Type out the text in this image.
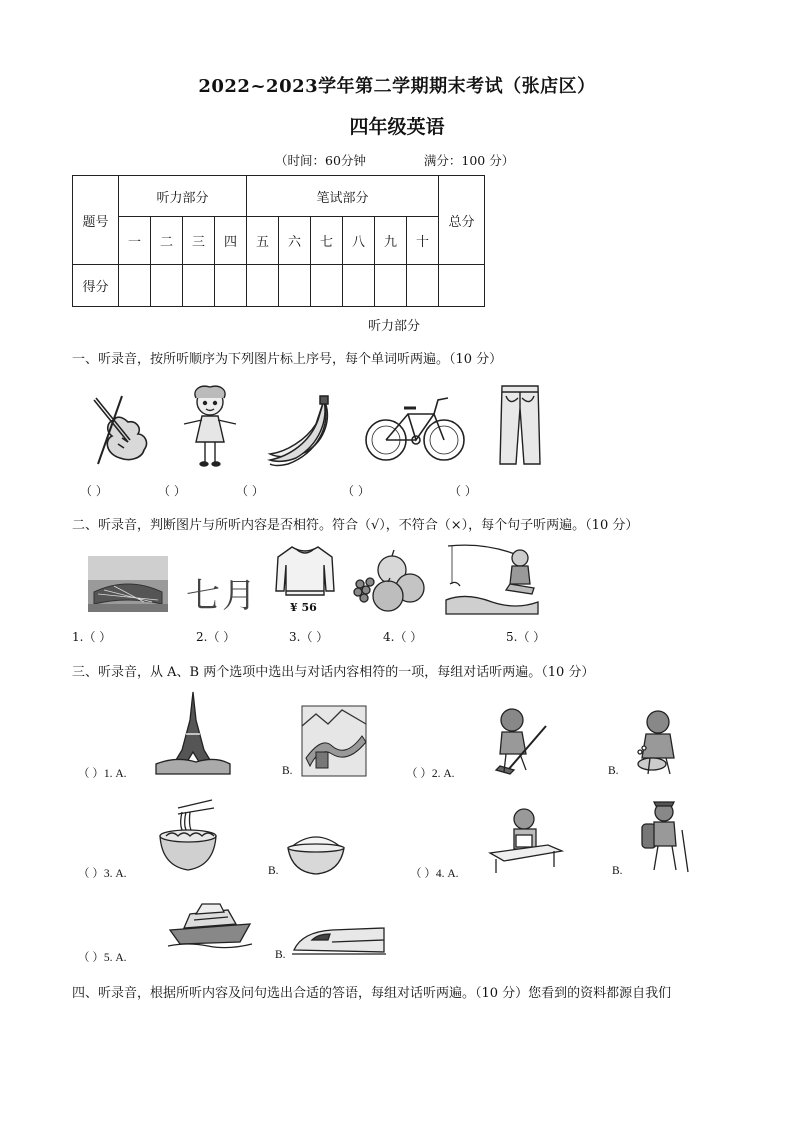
2022~2023学年第二学期期末考试（张店区）
四年级英语
（时间：60分钟	满分：100 分）
题号	听力部分				笔试部分						总分
	一	二	三	四	五	六	七	八	九	十	
得分											
听力部分
一、听录音，按所听顺序为下列图片标上序号，每个单词听两遍。（10 分）
（ ）	（ ）	（ ）	（ ）	（ ）
二、听录音，判断图片与所听内容是否相符。符合（√），不符合（×），每个句子听两遍。（10 分）
七月	¥ 56
1.（ ）	2.（ ）	3.（ ）	4.（ ）	5.（ ）
三、听录音，从 A、B 两个选项中选出与对话内容相符的一项，每组对话听两遍。（10 分）
（ ）1. A.	B.	（ ）2. A.	B.
（ ）3. A.	B.	（ ）4. A.	B.
（ ）5. A.	B.
四、听录音，根据所听内容及问句选出合适的答语，每组对话听两遍。（10 分）您看到的资料都源自我们
